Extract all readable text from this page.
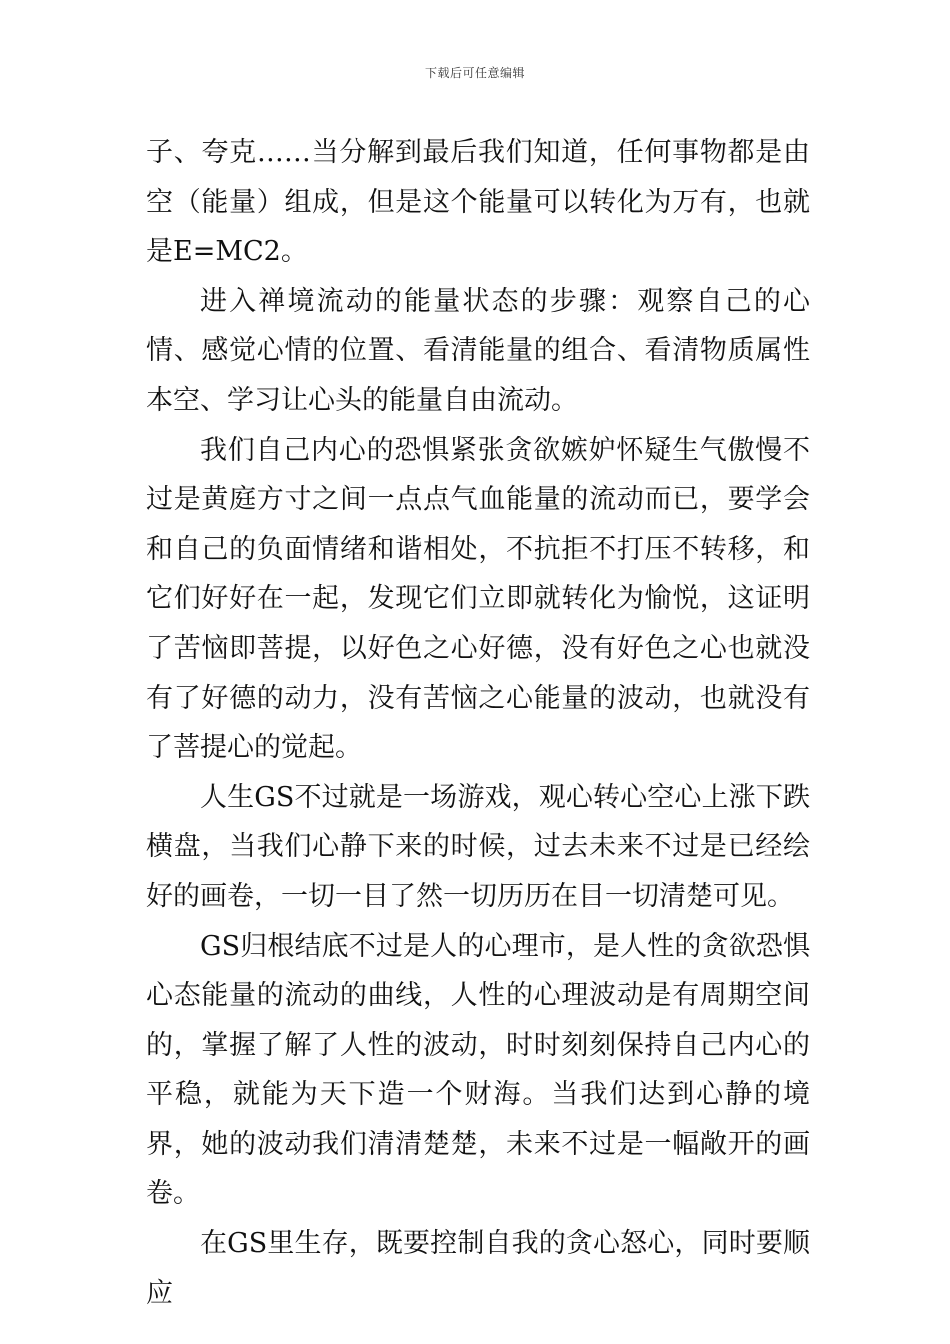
下载后可任意编辑

子、夸克……当分解到最后我们知道，任何事物都是由空（能量）组成，但是这个能量可以转化为万有，也就是E=MC2。

进入禅境流动的能量状态的步骤：观察自己的心情、感觉心情的位置、看清能量的组合、看清物质属性本空、学习让心头的能量自由流动。

我们自己内心的恐惧紧张贪欲嫉妒怀疑生气傲慢不过是黄庭方寸之间一点点气血能量的流动而已，要学会和自己的负面情绪和谐相处，不抗拒不打压不转移，和它们好好在一起，发现它们立即就转化为愉悦，这证明了苦恼即菩提，以好色之心好德，没有好色之心也就没有了好德的动力，没有苦恼之心能量的波动，也就没有了菩提心的觉起。

人生GS不过就是一场游戏，观心转心空心上涨下跌横盘，当我们心静下来的时候，过去未来不过是已经绘好的画卷，一切一目了然一切历历在目一切清楚可见。

GS归根结底不过是人的心理市，是人性的贪欲恐惧心态能量的流动的曲线，人性的心理波动是有周期空间的，掌握了解了人性的波动，时时刻刻保持自己内心的平稳，就能为天下造一个财海。当我们达到心静的境界，她的波动我们清清楚楚，未来不过是一幅敞开的画卷。

在GS里生存，既要控制自我的贪心怒心，同时要顺应
